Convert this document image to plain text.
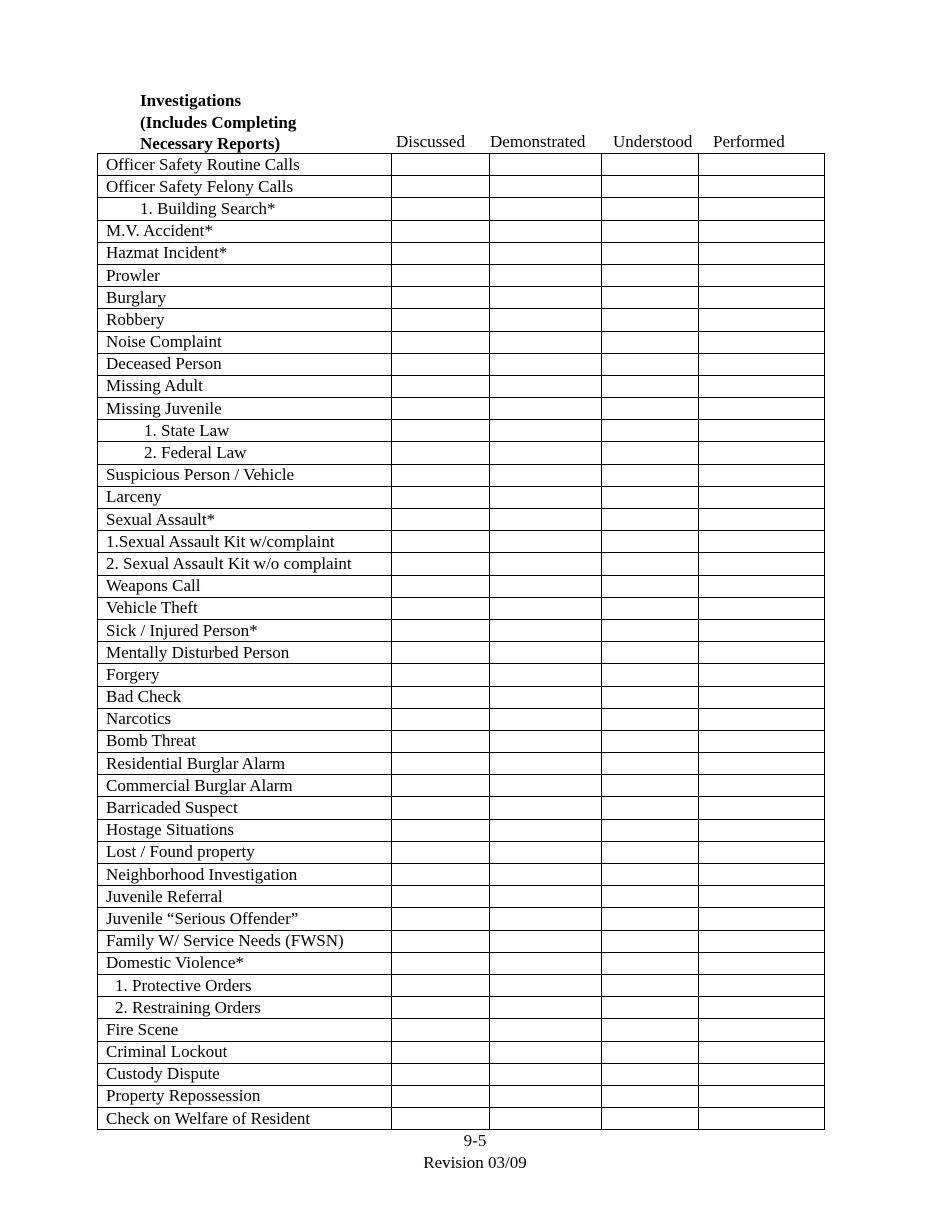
Investigations
(Includes Completing
Necessary Reports)	Discussed Demonstrated Understood Performed
Officer Safety Routine Calls				
Officer Safety Felony Calls				
1. Building Search*				
M.V. Accident*				
Hazmat Incident*				
Prowler				
Burglary				
Robbery				
Noise Complaint				
Deceased Person				
Missing Adult				
Missing Juvenile				
1. State Law				
2. Federal Law				
Suspicious Person / Vehicle				
Larceny				
Sexual Assault*				
1.Sexual Assault Kit w/complaint				
2. Sexual Assault Kit w/o complaint				
Weapons Call				
Vehicle Theft				
Sick / Injured Person*				
Mentally Disturbed Person				
Forgery				
Bad Check				
Narcotics				
Bomb Threat				
Residential Burglar Alarm				
Commercial Burglar Alarm				
Barricaded Suspect				
Hostage Situations				
Lost / Found property				
Neighborhood Investigation				
Juvenile Referral				
Juvenile “Serious Offender”				
Family W/ Service Needs (FWSN)				
Domestic Violence*				
1. Protective Orders				
2. Restraining Orders				
Fire Scene				
Criminal Lockout				
Custody Dispute				
Property Repossession				
Check on Welfare of Resident				
9-5
Revision 03/09
